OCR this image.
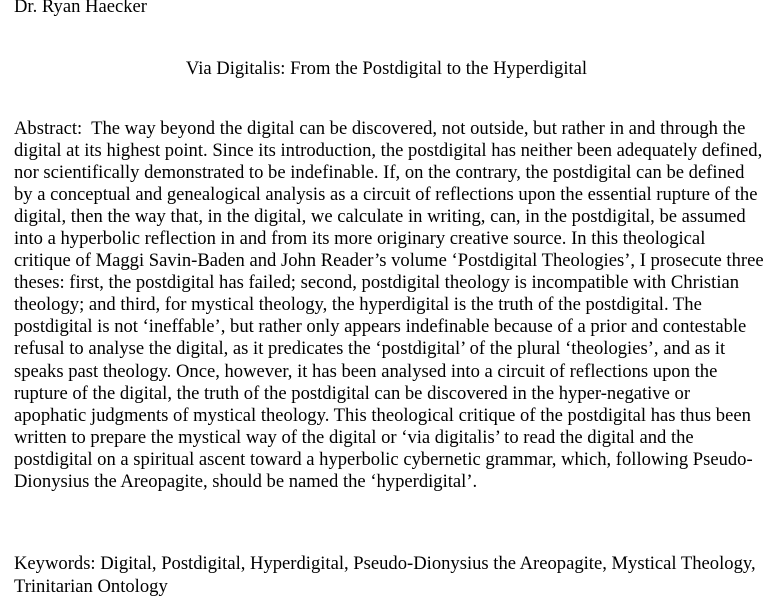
Dr. Ryan Haecker
Via Digitalis: From the Postdigital to the Hyperdigital

Abstract: The way beyond the digital can be discovered, not outside, but rather in and through the digital at its highest point. Since its introduction, the postdigital has neither been adequately defined, nor scientifically demonstrated to be indefinable. If, on the contrary, the postdigital can be defined by a conceptual and genealogical analysis as a circuit of reflections upon the essential rupture of the digital, then the way that, in the digital, we calculate in writing, can, in the postdigital, be assumed into a hyperbolic reflection in and from its more originary creative source. In this theological critique of Maggi Savin-Baden and John Reader’s volume ‘Postdigital Theologies’, I prosecute three theses: first, the postdigital has failed; second, postdigital theology is incompatible with Christian theology; and third, for mystical theology, the hyperdigital is the truth of the postdigital. The postdigital is not ‘ineffable’, but rather only appears indefinable because of a prior and contestable refusal to analyse the digital, as it predicates the ‘postdigital’ of the plural ‘theologies’, and as it speaks past theology. Once, however, it has been analysed into a circuit of reflections upon the rupture of the digital, the truth of the postdigital can be discovered in the hyper-negative or apophatic judgments of mystical theology. This theological critique of the postdigital has thus been written to prepare the mystical way of the digital or ‘via digitalis’ to read the digital and the postdigital on a spiritual ascent toward a hyperbolic cybernetic grammar, which, following Pseudo-Dionysius the Areopagite, should be named the ‘hyperdigital’.

Keywords: Digital, Postdigital, Hyperdigital, Pseudo-Dionysius the Areopagite, Mystical Theology, Trinitarian Ontology
